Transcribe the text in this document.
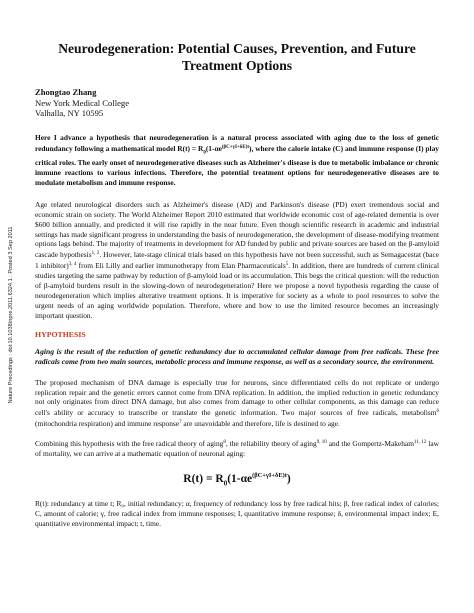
Nature Precedings : doi:10.1038/npre.2011.6324.1 : Posted 3 Sep 2011
Neurodegeneration: Potential Causes, Prevention, and Future Treatment Options
Zhongtao Zhang
New York Medical College
Valhalla, NY 10595

Here I advance a hypothesis that neurodegeneration is a natural process associated with aging due to the loss of genetic redundancy following a mathematical model $R(t) = R_0(1-\alpha e^{(\beta C+\gamma I+\delta E)t})$, where the calorie intake (C) and immune response (I) play critical roles. The early onset of neurodegenerative diseases such as Alzheimer's disease is due to metabolic imbalance or chronic immune reactions to various infections. Therefore, the potential treatment options for neurodegenerative diseases are to modulate metabolism and immune response.

Age related neurological disorders such as Alzheimer's disease (AD) and Parkinson's disease (PD) exert tremendous social and economic strain on society. The World Alzheimer Report 2010 estimated that worldwide economic cost of age-related dementia is over $600 billion annually, and predicted it will rise rapidly in the near future. Even though scientific research in academic and industrial settings has made significant progress in understanding the basis of neurodegeneration, the development of disease-modifying treatment options lags behind. The majority of treatments in development for AD funded by public and private sources are based on the β-amyloid cascade hypothesis$^{1, 2}$. However, late-stage clinical trials based on this hypothesis have not been successful, such as Semagacestat (bace 1 inhibitor)$^{3, 4}$ from Eli Lilly and earlier immunotherapy from Elan Pharmaceuticals$^5$. In addition, there are hundreds of current clinical studies targeting the same pathway by reduction of β-amyloid load or its accumulation. This begs the critical question: will the reduction of β-amyloid burdens result in the slowing-down of neurodegeneration? Here we propose a novel hypothesis regarding the cause of neurodegeneration which implies alterative treatment options. It is imperative for society as a whole to pool resources to solve the urgent needs of an aging worldwide population. Therefore, where and how to use the limited resource becomes an increasingly important question.

HYPOTHESIS

Aging is the result of the reduction of genetic redundancy due to accumulated cellular damage from free radicals. These free radicals come from two main sources, metabolic process and immune response, as well as a secondary source, the environment.

The proposed mechanism of DNA damage is especially true for neurons, since differentiated cells do not replicate or undergo replication repair and the genetic errors cannot come from DNA replication. In addition, the implied reduction in genetic redundancy not only originates from direct DNA damage, but also comes from damage to other cellular components, as this damage can reduce cell's ability or accuracy to transcribe or translate the genetic information. Two major sources of free radicals, metabolism$^6$ (mitochondria respiration) and immune response$^7$ are unavoidable and therefore, life is destined to age.

Combining this hypothesis with the free radical theory of aging$^8$, the reliability theory of aging$^{9, 10}$ and the Gompertz-Makeham$^{11, 12}$ law of mortality, we can arrive at a mathematic equation of neuronal aging:

$R(t) = R_0(1-\alpha e^{(\beta C+\gamma I+\delta E)t})$

R(t): redundancy at time t; R₀, initial redundancy; α, frequency of redundancy loss by free radical hits; β, free radical index of calories; C, amount of calorie; γ, free radical index from immune responses; I, quantitative immune response; δ, environmental impact index; E, quantitative environmental impact; t, time.
